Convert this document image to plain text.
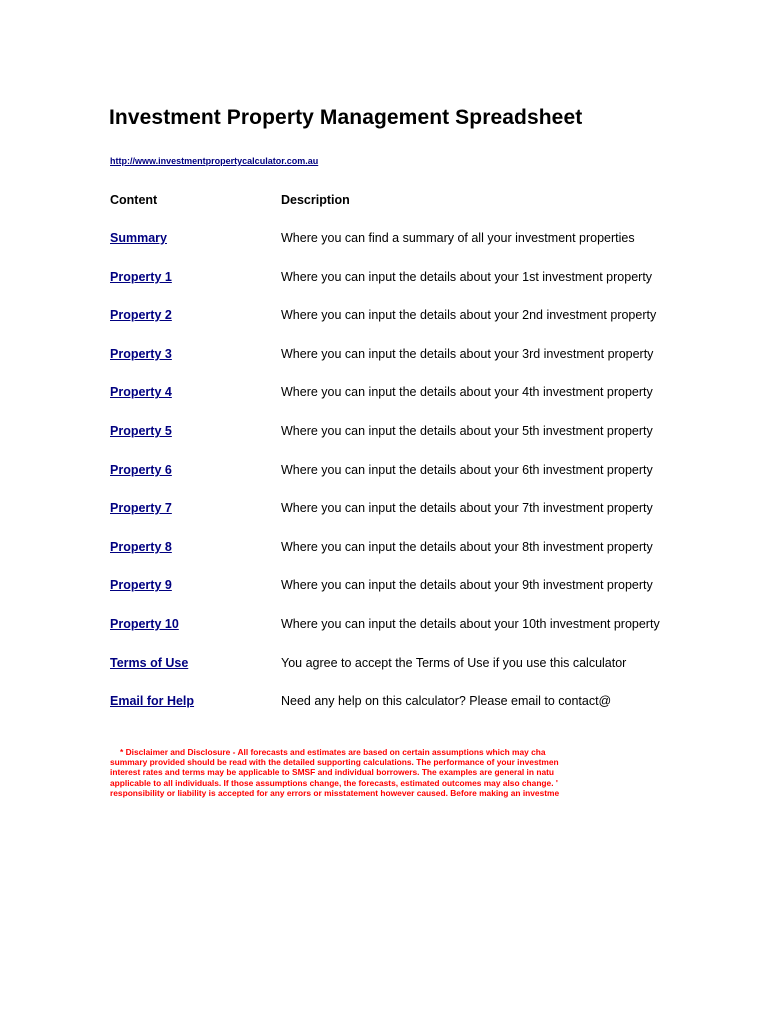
Investment Property Management Spreadsheet
http://www.investmentpropertycalculator.com.au
Content	Description
Summary	Where you can find a summary of all your investment properties
Property 1	Where you can input the details about your 1st investment property
Property 2	Where you can input the details about your 2nd investment property
Property 3	Where you can input the details about your 3rd investment property
Property 4	Where you can input the details about your 4th investment property
Property 5	Where you can input the details about your 5th investment property
Property 6	Where you can input the details about your 6th investment property
Property 7	Where you can input the details about your 7th investment property
Property 8	Where you can input the details about your 8th investment property
Property 9	Where you can input the details about your 9th investment property
Property 10	Where you can input the details about your 10th investment property
Terms of Use	You agree to accept the Terms of Use if you use this calculator
Email for Help	Need any help on this calculator? Please email to contact@
* Disclaimer and Disclosure - All forecasts and estimates are based on certain assumptions which may cha
summary provided should be read with the detailed supporting calculations. The performance of your investmen
interest rates and terms may be applicable to SMSF and individual borrowers. The examples are general in natu
applicable to all individuals. If those assumptions change, the forecasts, estimated outcomes may also change. '
responsibility or liability is accepted for any errors or misstatement however caused. Before making an investme
